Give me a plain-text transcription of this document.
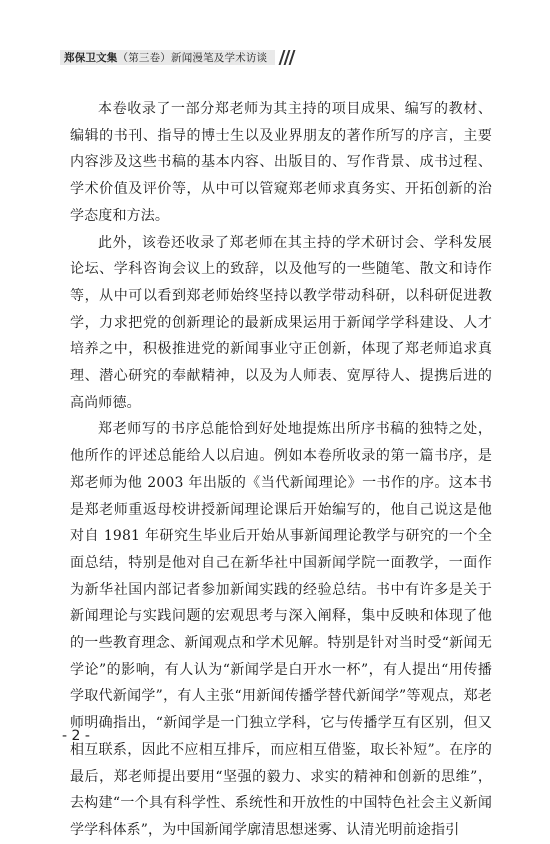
郑保卫文集（第三卷）新闻漫笔及学术访谈

本卷收录了一部分郑老师为其主持的项目成果、编写的教材、编辑的书刊、指导的博士生以及业界朋友的著作所写的序言，主要内容涉及这些书稿的基本内容、出版目的、写作背景、成书过程、学术价值及评价等，从中可以管窥郑老师求真务实、开拓创新的治学态度和方法。

此外，该卷还收录了郑老师在其主持的学术研讨会、学科发展论坛、学科咨询会议上的致辞，以及他写的一些随笔、散文和诗作等，从中可以看到郑老师始终坚持以教学带动科研，以科研促进教学，力求把党的创新理论的最新成果运用于新闻学学科建设、人才培养之中，积极推进党的新闻事业守正创新，体现了郑老师追求真理、潜心研究的奉献精神，以及为人师表、宽厚待人、提携后进的高尚师德。

郑老师写的书序总能恰到好处地提炼出所序书稿的独特之处，他所作的评述总能给人以启迪。例如本卷所收录的第一篇书序，是郑老师为他 2003 年出版的《当代新闻理论》一书作的序。这本书是郑老师重返母校讲授新闻理论课后开始编写的，他自己说这是他对自 1981 年研究生毕业后开始从事新闻理论教学与研究的一个全面总结，特别是他对自己在新华社中国新闻学院一面教学，一面作为新华社国内部记者参加新闻实践的经验总结。书中有许多是关于新闻理论与实践问题的宏观思考与深入阐释，集中反映和体现了他的一些教育理念、新闻观点和学术见解。特别是针对当时受“新闻无学论”的影响，有人认为“新闻学是白开水一杯”，有人提出“用传播学取代新闻学”，有人主张“用新闻传播学替代新闻学”等观点，郑老师明确指出，“新闻学是一门独立学科，它与传播学互有区别，但又相互联系，因此不应相互排斥，而应相互借鉴，取长补短”。在序的最后，郑老师提出要用“坚强的毅力、求实的精神和创新的思维”，去构建“一个具有科学性、系统性和开放性的中国特色社会主义新闻学学科体系”，为中国新闻学廓清思想迷雾、认清光明前途指引

- 2 -
